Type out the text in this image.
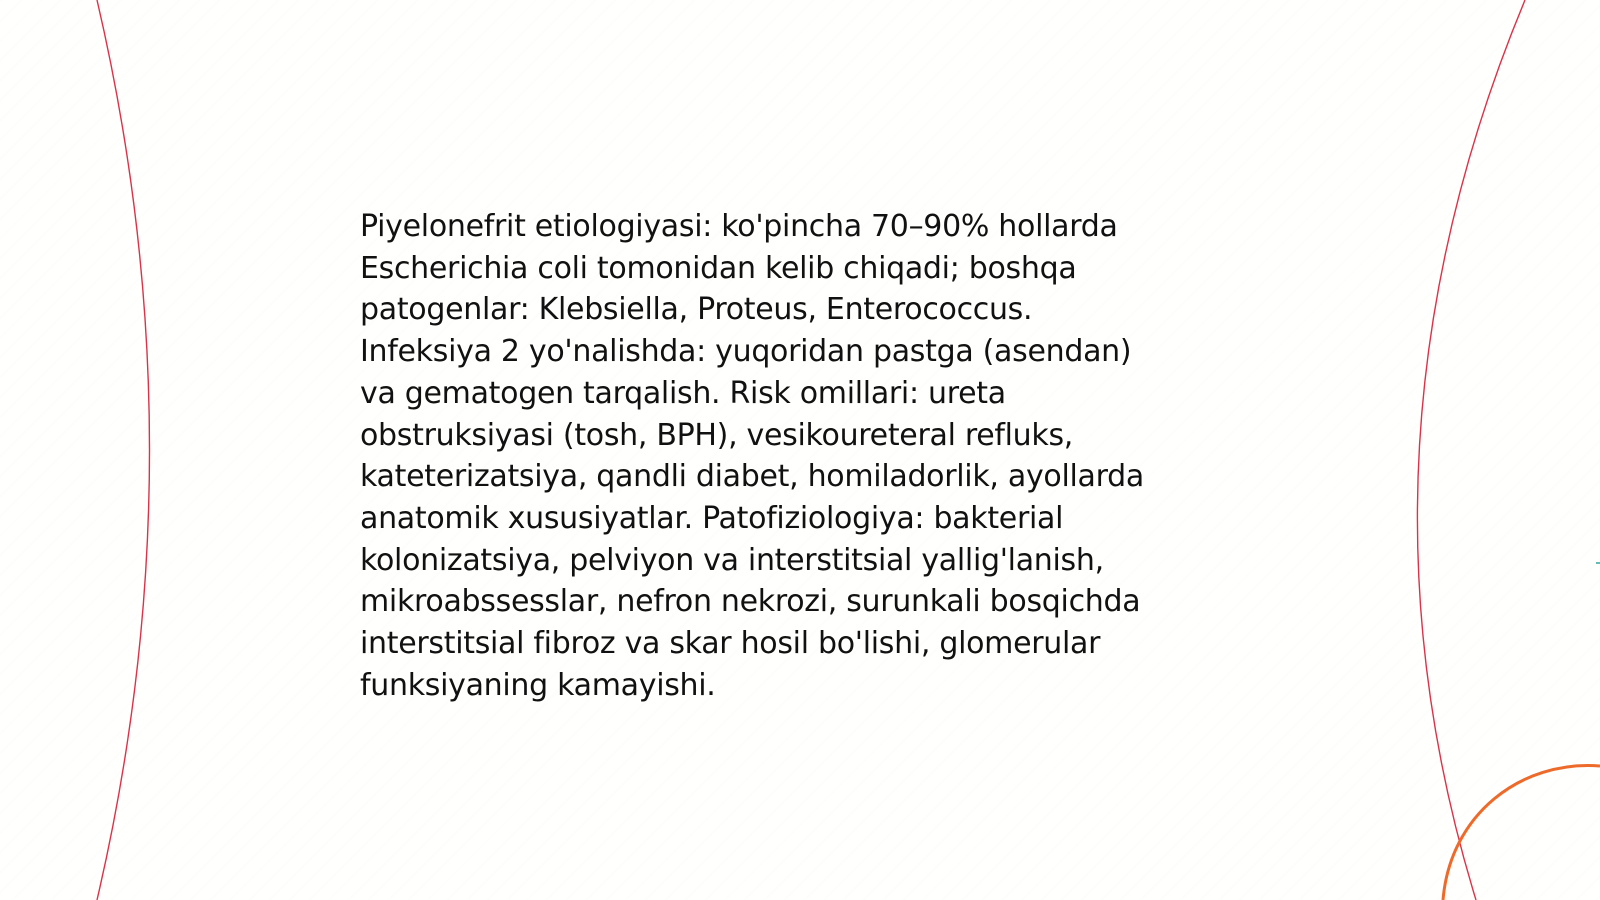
Piyelonefrit etiologiyasi: ko'pincha 70–90% hollarda
Escherichia coli tomonidan kelib chiqadi; boshqa
patogenlar: Klebsiella, Proteus, Enterococcus.
Infeksiya 2 yo'nalishda: yuqoridan pastga (asendan)
va gematogen tarqalish. Risk omillari: ureta
obstruksiyasi (tosh, BPH), vesikoureteral refluks,
kateterizatsiya, qandli diabet, homiladorlik, ayollarda
anatomik xususiyatlar. Patofiziologiya: bakterial
kolonizatsiya, pelviyon va interstitsial yallig'lanish,
mikroabssesslar, nefron nekrozi, surunkali bosqichda
interstitsial fibroz va skar hosil bo'lishi, glomerular
funksiyaning kamayishi.
